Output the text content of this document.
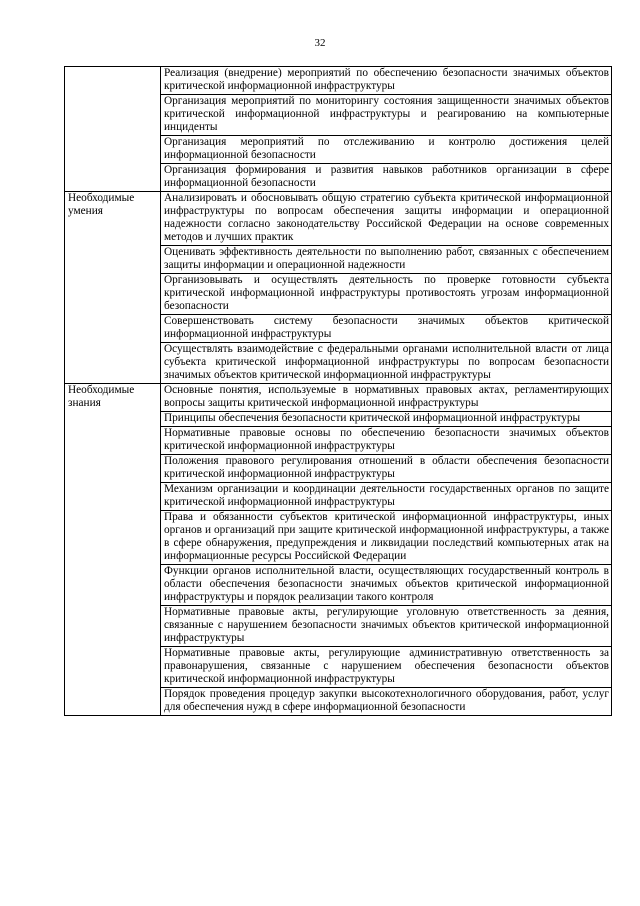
32
	Реализация (внедрение) мероприятий по обеспечению безопасности значимых объектов критической информационной инфраструктуры
	Организация мероприятий по мониторингу состояния защищенности значимых объектов критической информационной инфраструктуры и реагированию на компьютерные инциденты
	Организация мероприятий по отслеживанию и контролю достижения целей информационной безопасности
	Организация формирования и развития навыков работников организации в сфере информационной безопасности
Необходимые умения	Анализировать и обосновывать общую стратегию субъекта критической информационной инфраструктуры по вопросам обеспечения защиты информации и операционной надежности согласно законодательству Российской Федерации на основе современных методов и лучших практик
	Оценивать эффективность деятельности по выполнению работ, связанных с обеспечением защиты информации и операционной надежности
	Организовывать и осуществлять деятельность по проверке готовности субъекта критической информационной инфраструктуры противостоять угрозам информационной безопасности
	Совершенствовать систему безопасности значимых объектов критической информационной инфраструктуры
	Осуществлять взаимодействие с федеральными органами исполнительной власти от лица субъекта критической информационной инфраструктуры по вопросам безопасности значимых объектов критической информационной инфраструктуры
Необходимые знания	Основные понятия, используемые в нормативных правовых актах, регламентирующих вопросы защиты критической информационной инфраструктуры
	Принципы обеспечения безопасности критической информационной инфраструктуры
	Нормативные правовые основы по обеспечению безопасности значимых объектов критической информационной инфраструктуры
	Положения правового регулирования отношений в области обеспечения безопасности критической информационной инфраструктуры
	Механизм организации и координации деятельности государственных органов по защите критической информационной инфраструктуры
	Права и обязанности субъектов критической информационной инфраструктуры, иных органов и организаций при защите критической информационной инфраструктуры, а также в сфере обнаружения, предупреждения и ликвидации последствий компьютерных атак на информационные ресурсы Российской Федерации
	Функции органов исполнительной власти, осуществляющих государственный контроль в области обеспечения безопасности значимых объектов критической информационной инфраструктуры и порядок реализации такого контроля
	Нормативные правовые акты, регулирующие уголовную ответственность за деяния, связанные с нарушением безопасности значимых объектов критической информационной инфраструктуры
	Нормативные правовые акты, регулирующие административную ответственность за правонарушения, связанные с нарушением обеспечения безопасности объектов критической информационной инфраструктуры
	Порядок проведения процедур закупки высокотехнологичного оборудования, работ, услуг для обеспечения нужд в сфере информационной безопасности
